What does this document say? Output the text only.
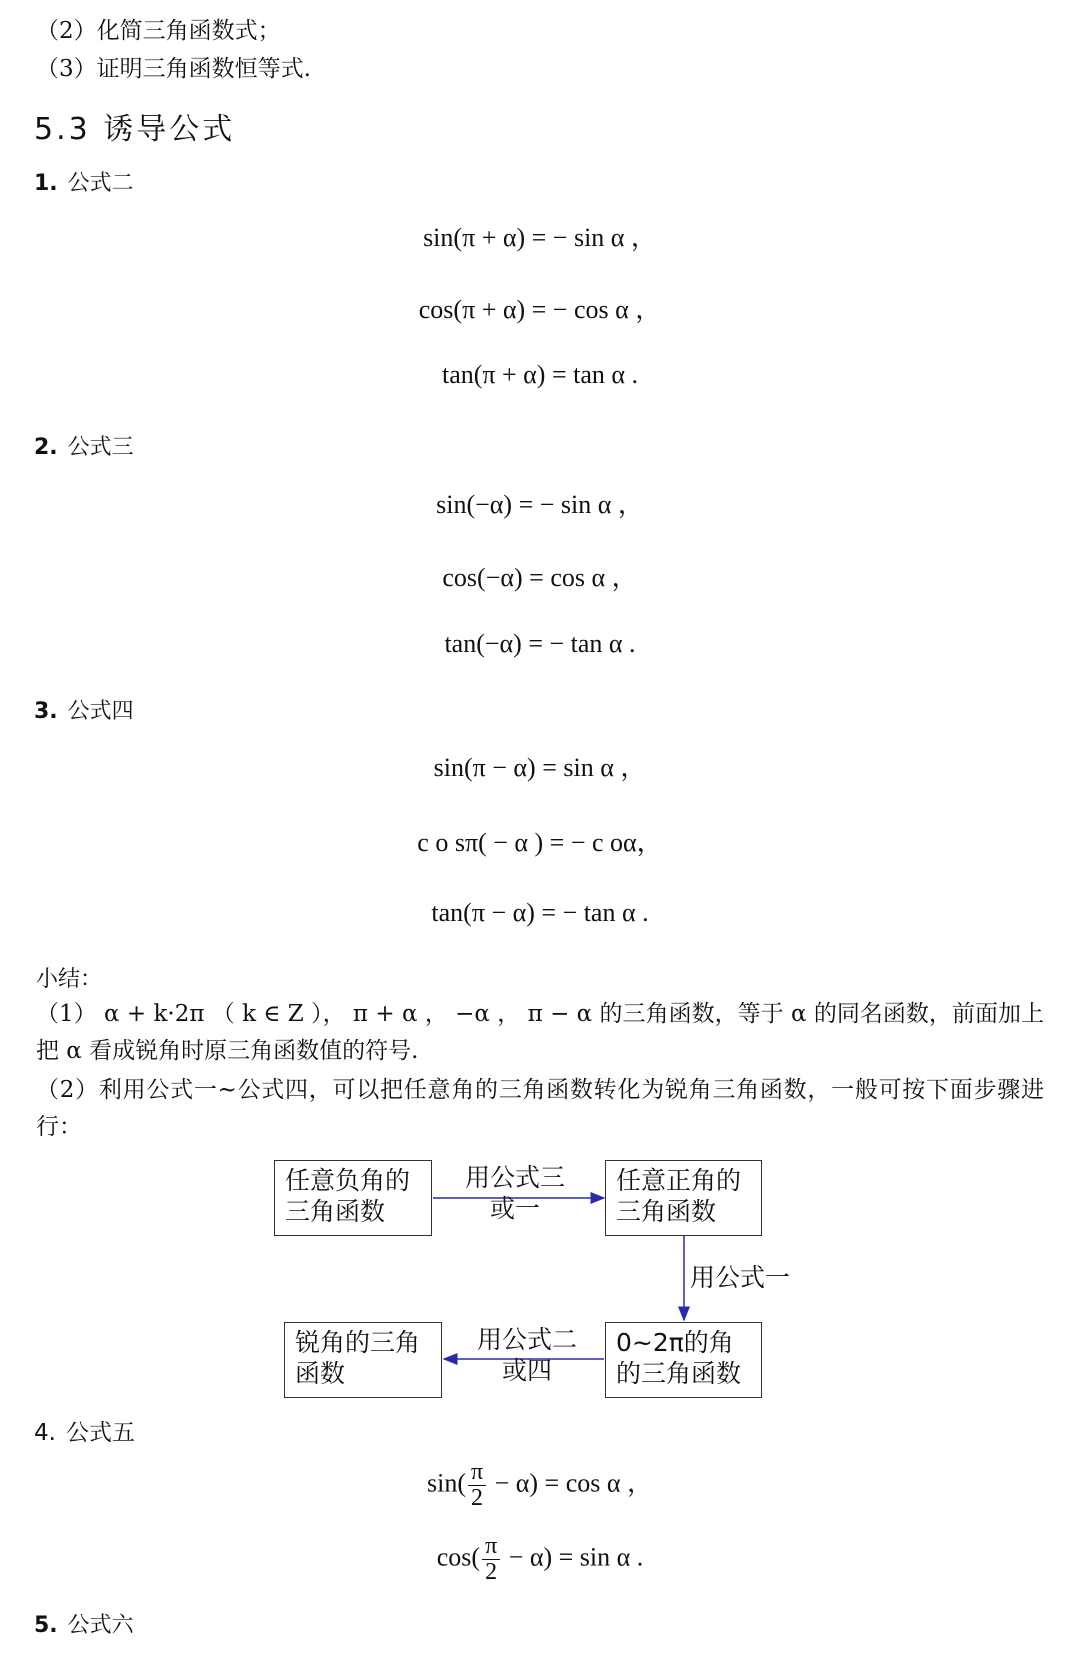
（2）化简三角函数式；
（3）证明三角函数恒等式.
5.3 诱导公式
1. 公式二
sin(π + α) = − sin α ，
cos(π + α) = − cos α ，
tan(π + α) = tan α .
2. 公式三
sin(−α) = − sin α ，
cos(−α) = cos α ，
tan(−α) = − tan α .
3. 公式四
sin(π − α) = sin α ，
c o sπ( − α ) = − c oα，
tan(π − α) = − tan α .
小结：
（1） α + k·2π （ k ∈ Z ）， π + α ， −α ， π − α 的三角函数，等于 α 的同名函数，前面加上把 α 看成锐角时原三角函数值的符号.
（2）利用公式一~公式四，可以把任意角的三角函数转化为锐角三角函数，一般可按下面步骤进行：
任意负角的三角函数
任意正角的三角函数
0~2π的角的三角函数
锐角的三角函数
用公式三或一
用公式一
用公式二或四
4. 公式五
$\sin( \frac{\pi}{2} - \alpha) = \cos \alpha$ ，
$\cos( \frac{\pi}{2} - \alpha) = \sin \alpha$ .
5. 公式六
